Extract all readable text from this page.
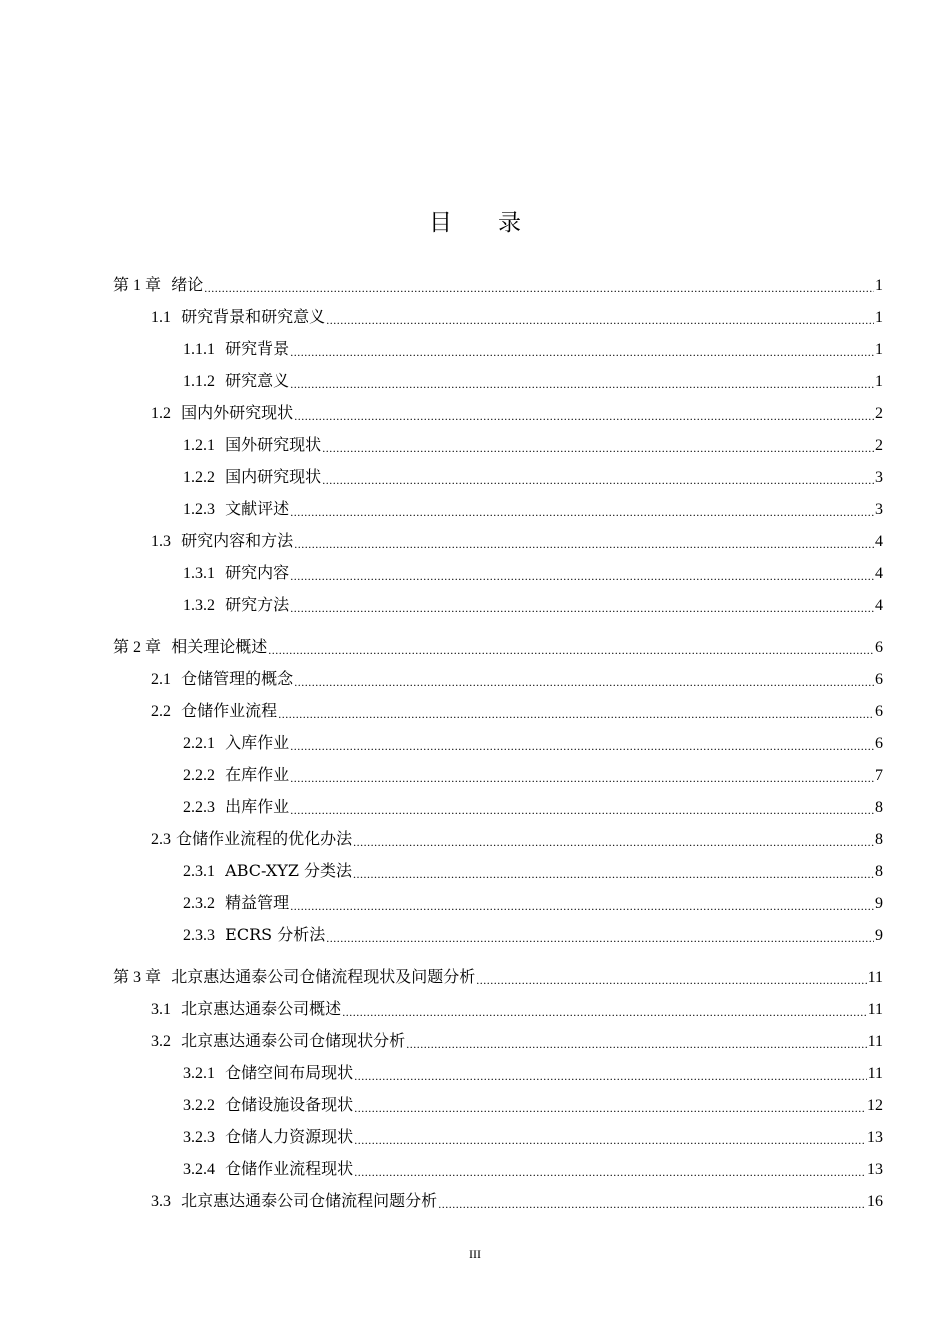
目 录
第 1 章 绪论 .....	1
1.1 研究背景和研究意义 .....	1
1.1.1 研究背景 .....	1
1.1.2 研究意义 .....	1
1.2 国内外研究现状 .....	2
1.2.1 国外研究现状 .....	2
1.2.2 国内研究现状 .....	3
1.2.3 文献评述 .....	3
1.3 研究内容和方法 .....	4
1.3.1 研究内容 .....	4
1.3.2 研究方法 .....	4
第 2 章 相关理论概述 .....	6
2.1 仓储管理的概念 .....	6
2.2 仓储作业流程 .....	6
2.2.1 入库作业 .....	6
2.2.2 在库作业 .....	7
2.2.3 出库作业 .....	8
2.3 仓储作业流程的优化办法 .....	8
2.3.1 ABC-XYZ 分类法 .....	8
2.3.2 精益管理 .....	9
2.3.3 ECRS 分析法 .....	9
第 3 章 北京惠达通泰公司仓储流程现状及问题分析 .....	11
3.1 北京惠达通泰公司概述 .....	11
3.2 北京惠达通泰公司仓储现状分析 .....	11
3.2.1 仓储空间布局现状 .....	11
3.2.2 仓储设施设备现状 .....	12
3.2.3 仓储人力资源现状 .....	13
3.2.4 仓储作业流程现状 .....	13
3.3 北京惠达通泰公司仓储流程问题分析 .....	16
III
